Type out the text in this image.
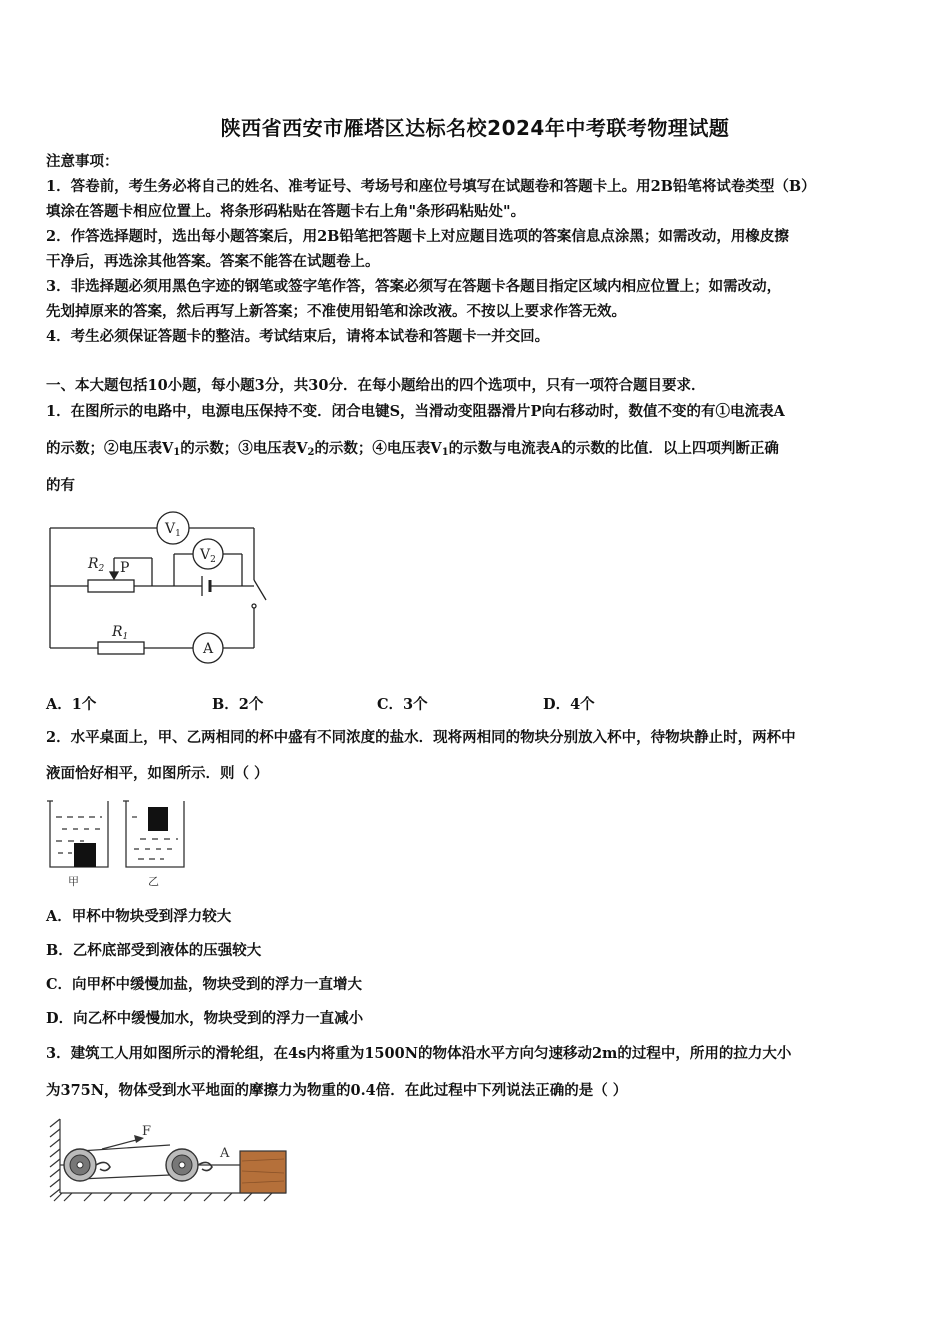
陕西省西安市雁塔区达标名校2024年中考联考物理试题
注意事项：
1．答卷前，考生务必将自己的姓名、准考证号、考场号和座位号填写在试题卷和答题卡上。用2B铅笔将试卷类型（B）
填涂在答题卡相应位置上。将条形码粘贴在答题卡右上角"条形码粘贴处"。
2．作答选择题时，选出每小题答案后，用2B铅笔把答题卡上对应题目选项的答案信息点涂黑；如需改动，用橡皮擦
干净后，再选涂其他答案。答案不能答在试题卷上。
3．非选择题必须用黑色字迹的钢笔或签字笔作答，答案必须写在答题卡各题目指定区域内相应位置上；如需改动，
先划掉原来的答案，然后再写上新答案；不准使用铅笔和涂改液。不按以上要求作答无效。
4．考生必须保证答题卡的整洁。考试结束后，请将本试卷和答题卡一并交回。
一、本大题包括10小题，每小题3分，共30分．在每小题给出的四个选项中，只有一项符合题目要求．
1．在图所示的电路中，电源电压保持不变．闭合电键S，当滑动变阻器滑片P向右移动时，数值不变的有①电流表A
的示数；②电压表$V_1$的示数；③电压表$V_2$的示数；④电压表$V_1$的示数与电流表A的示数的比值．以上四项判断正确
的有
$V_1$
$V_2$
$R_2$ P
$R_1$
A
A．1个	B．2个	C．3个	D．4个
2．水平桌面上，甲、乙两相同的杯中盛有不同浓度的盐水．现将两相同的物块分别放入杯中，待物块静止时，两杯中
液面恰好相平，如图所示．则（ ）
甲	乙
A．甲杯中物块受到浮力较大
B．乙杯底部受到液体的压强较大
C．向甲杯中缓慢加盐，物块受到的浮力一直增大
D．向乙杯中缓慢加水，物块受到的浮力一直减小
3．建筑工人用如图所示的滑轮组，在4s内将重为1500N的物体沿水平方向匀速移动2m的过程中，所用的拉力大小
为375N，物体受到水平地面的摩擦力为物重的0.4倍．在此过程中下列说法正确的是（ ）
F
A
